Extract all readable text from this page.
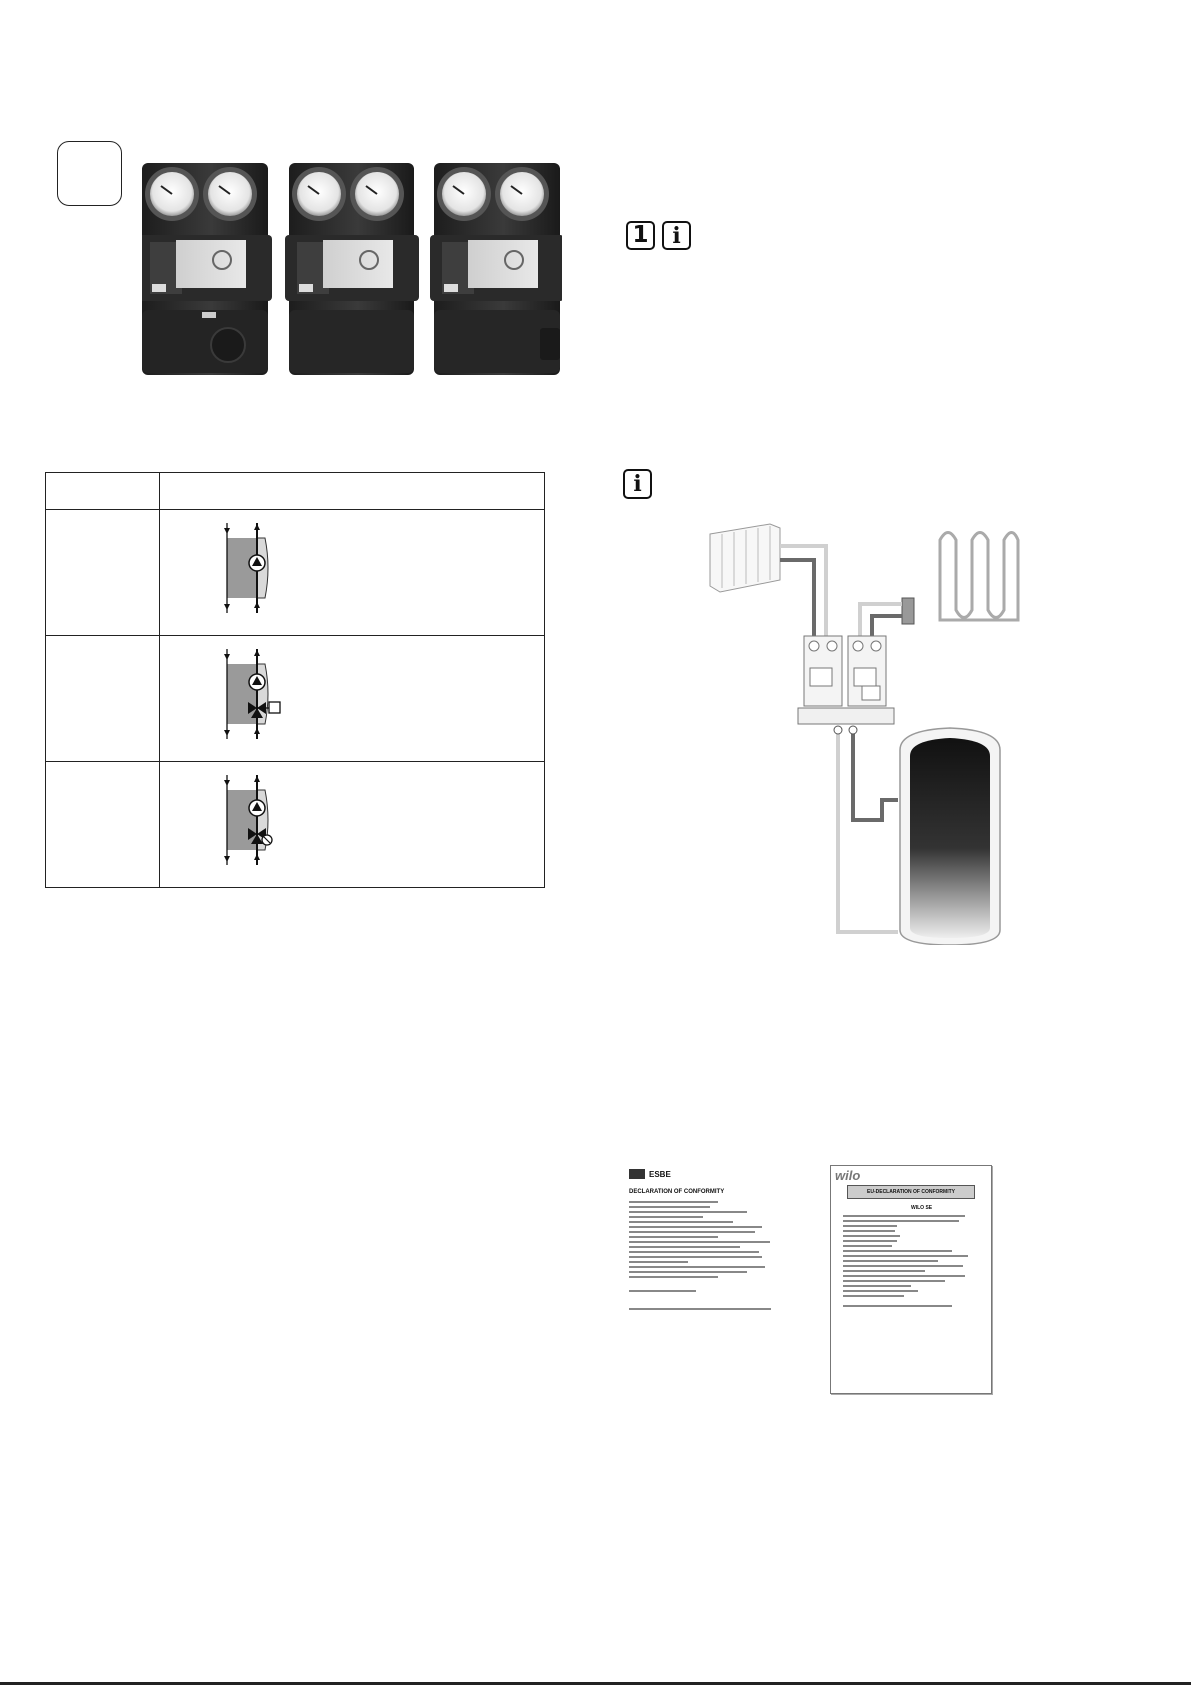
1	i
i

ESBE
DECLARATION OF CONFORMITY
wilo
EU-DECLARATION OF CONFORMITY
WILO SE
